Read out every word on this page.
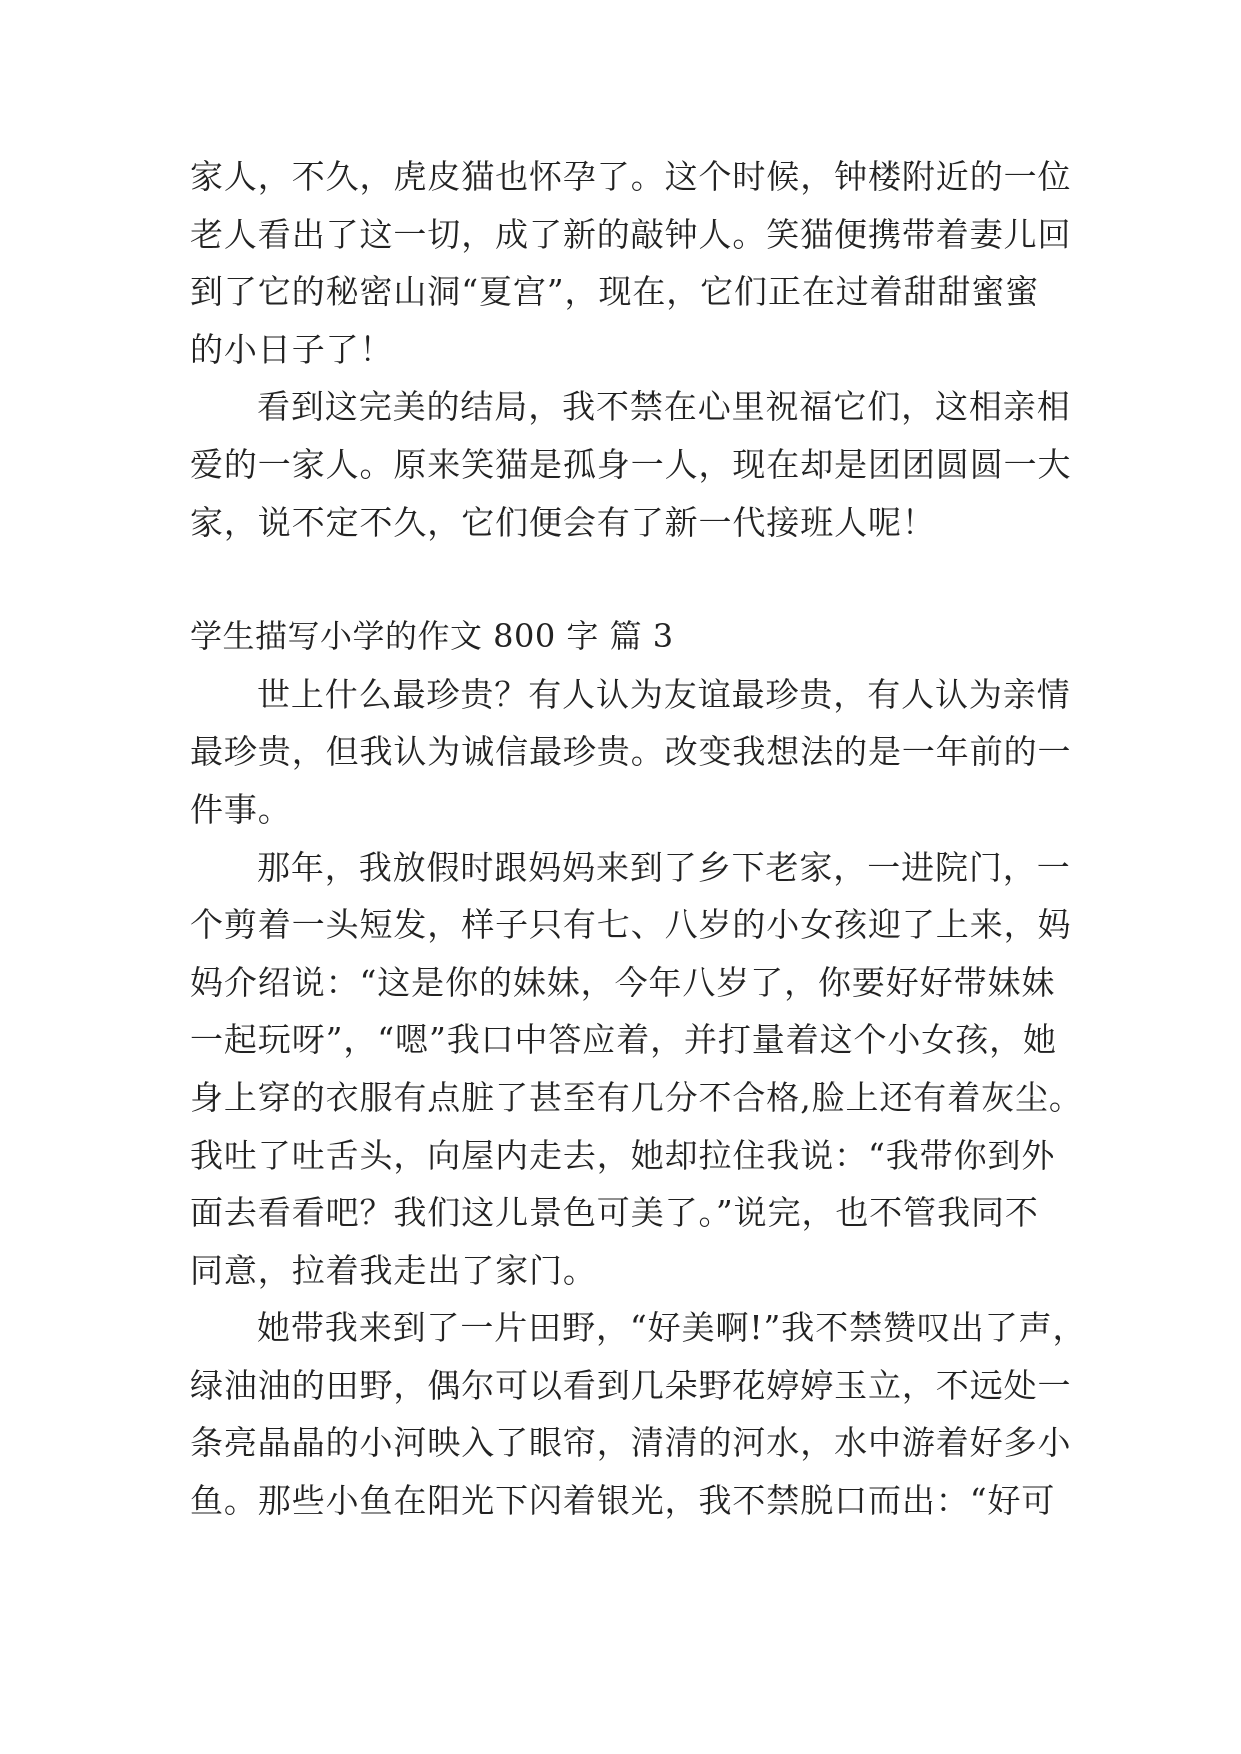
家人，不久，虎皮猫也怀孕了。这个时候，钟楼附近的一位
老人看出了这一切，成了新的敲钟人。笑猫便携带着妻儿回
到了它的秘密山洞“夏宫”，现在，它们正在过着甜甜蜜蜜
的小日子了！
看到这完美的结局，我不禁在心里祝福它们，这相亲相
爱的一家人。原来笑猫是孤身一人，现在却是团团圆圆一大
家，说不定不久，它们便会有了新一代接班人呢！
学生描写小学的作文 800 字 篇 3
世上什么最珍贵？有人认为友谊最珍贵，有人认为亲情
最珍贵，但我认为诚信最珍贵。改变我想法的是一年前的一
件事。
那年，我放假时跟妈妈来到了乡下老家，一进院门，一
个剪着一头短发，样子只有七、八岁的小女孩迎了上来，妈
妈介绍说：“这是你的妹妹，今年八岁了，你要好好带妹妹
一起玩呀”，“嗯”我口中答应着，并打量着这个小女孩，她
身上穿的衣服有点脏了甚至有几分不合格,脸上还有着灰尘。
我吐了吐舌头，向屋内走去，她却拉住我说：“我带你到外
面去看看吧？我们这儿景色可美了。”说完，也不管我同不
同意，拉着我走出了家门。
她带我来到了一片田野，“好美啊!”我不禁赞叹出了声，
绿油油的田野，偶尔可以看到几朵野花婷婷玉立，不远处一
条亮晶晶的小河映入了眼帘，清清的河水，水中游着好多小
鱼。那些小鱼在阳光下闪着银光，我不禁脱口而出：“好可
